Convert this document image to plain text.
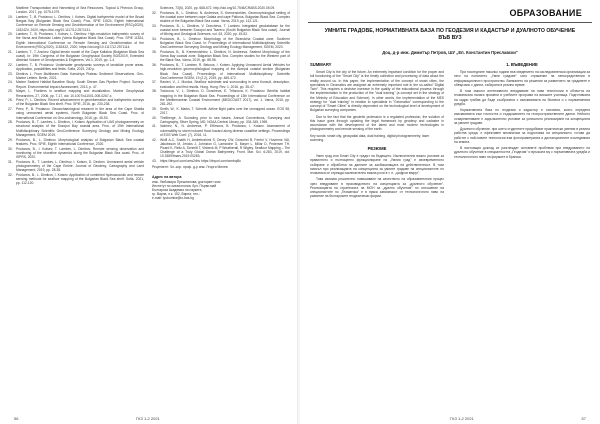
Maritime Transportation and Harvesting of Sea Resources. Topical & Pherous Group, London, 2017, pp. 1075-1079.
19. Lambev, T., B. Prodanov, L. Dimitrov, I. Kotsev. Digital bathymetric model of the Broad Bargas Bay (Bulgarian Black Sea Coast). Proc. SPIE 11524, Eighth International Conference on Remote Sensing and Geoinformation of the Environment (RSCy2020), 115242V, 2020, https://doi.org/10.1117/12.2571131.
20. Lambev, T., B. Prodanov, I. Kotsev, L. Dimitrov. High-resolution bathymetric survey of the Varna and Beloslav Lakes (Varna Bulgarian Black Sea Coast). Proc. SPIE 11524, Eighth International Conference on Remote Sensing and Geoinformation of the Environment (RSCy2020), 115242Z, 2020, https://doi.org/10.1117/12.2571114.
21. Lambev, T., T. Anchev. Digital terrain model of the Cape Kaliakra (Bulgarian Black Sea coast). In: 19th Congress of the Bulgarian Geophysical Society BGS2019, Extended Abstract Volume of Geodynamics & Engineers, Vol.1, 2019, pp. 1-4.
22. Lambev, T., B. Prodanov. Underwater geodynamic surveys of landslide prone areas. Application, possibilities and limits. Sofia, 2019, 240 p.
23. Dimitrov L. From Multibeam Data: Kamchiya Plateau Sediment Observations. Geo-Marine Letters. Berlin, 2021.
24. Marine Seabed Habitat Baseline Study. South Stream Gas Pipeline Project. Surveys Report. Environmental Impact Assessment, 2013, p. 47.
25. Mayer, L. Frontiers in seafloor mapping and visualization. Marine Geophysical Researches, 27, 2006, pp. 7-17, doi: 10.1007/s11001-005-0267-x.
26. Peev, P., L. Dimitrov. Recent advancement in geoinformation and bathymetric surveys of the Bulgarian Black Sea shelf. Proc. SPIE, 2016, pp. 230-238.
27. Peev, P., B. Prodanov. Geoarchaeological research in the area of the Cape Shabla using unmanned aerial systems, North Bulgarian Black Sea Coast. Proc. of International Conference on Geo-archaeology, 2016, pp. 45-53.
28. Prodanov, B., T. Lambev, L. Dimitrov, I. Kotsev. Application of UAS photogrammetry on structural analysis of the Sozopol Bay coastal area. Proc. of 19th International Multidisciplinary Scientific GeoConference Surveying Geology and Mining Ecology Management, SGEM 2019.
29. Prodanov, B., L. Dimitrov. Morphological analysis of Bulgarian Black Sea coastal features. Proc. SPIE, Eighth International Conference, 2020.
30. Prodanov, B., I. Kotsev, T. Lambev, L. Dimitrov. Remote sensing observation and monitoring of the shoreline dynamics along the Bulgarian Black Sea coast. Proc. of ISPRS, 2020.
31. Prodanov, B., T. Lambev, L. Dimitrov, I. Kotsev, D. Dechev. Unmanned aerial vehicle photogrammetry of the Cape Emine. Journal of Geodesy, Cartography and Land Management, 2019, pp. 28-35.
32. Prodanov, B., L. Dimitrov, I. Kotsev. Application of combined hydroacoustic and remote sensing methods for seafloor mapping of the Bulgarian Black Sea shelf. Sofia, 2021, pp. 112-120.
Sciences, 73(5), 2020, pp. 668-672, http://doi.org/10.7546/CRABS.2020.05.09.
32. Prodanov, B., L. Dimitrov, N. Andreeva, S. Kremendzhiev. Geomorphological setting of the coastal zone between cape Galata and cape Paliurus, Bulgarian Black Sea. Complex studies of the Bulgarian Black Sea coast. Varna, 2019, pp. 112-121.
33. Prodanov, B., L. Dimitrov, V. Doncheva, T. Lambev. Integrated geodatabase for the coastal zone between Sozopol and Tsarevo (South Bulgarian Black Sea coast). Journal of Mining and Geological Sciences, vol. 63, 2020, pp. 45-52.
34. Prodanov, B., L. Dimitrov. Morphology of the Strandzha Coastal zone, Southern Bulgarian Black Sea Coast. In: Proceedings of International Multidisciplinary Scientific GeoConference Surveying Geology and Mining Ecology Management, SGEM, 2020.
35. Prodanov, B., B. Kremendzhiev, L. Dimitrov, N. Andreeva. Seabed Morphology of the Varna Bay coastal zone. Bulgarian Black Sea. Complex studies for the Western part of the Black Sea, Varna, 2019, pp. 85-96.
36. Prodanov, B., T. Lambev, R. Bekova, I. Kotsev. Applying Unmanned Aerial Vehicles for high-resolution geomorphological mapping of the Akrepol coastal section (Bulgarian Black Sea Coast). Proceedings of International Multidisciplinary Scientific GeoConference SGEM, 19 (2.2), 2019, pp. 465-472.
37. Ranieri, V., J. Monica. Seafloor substrate and surrounding in area Konsult, description, evaluation and first results. Hung. Hung. Rev. 1, 2016, pp. 35-47.
38. Todorova, V., L. Dimitrov, D. Doncheva, E. Trifonova, K. Prodanov. Benthic habitat mapping in the Bulgarian Black Sea. Proceedings of 13th International Conference on the Mediterranean Coastal Environment (MEDCOAST 2017), vol. 1, Varna, 2015, pp. 281-292.
39. Smith, W., K. Marks, T. Schmitt. Airline flight paths over the unmapped ocean. EOS 98, 2017.
40. Thellberge, A. Sounding prior to sea bases, Annual Conventions, Surveying and Cartography, Silver Spring, MD, NOAA Central Library, pp. 334-345, 1969.
41. Valchev, N., N. Andreeva, P. Eftimova, B. Prodanov, I. Kotsev. Assessment of vulnerability to storm induced flood hazard along diverse coastline settings. Proceedings of EGS Web Conf. (7), 2016, 11.
42. Wolfl A-C, Snaith H, Amirebrahimi S, Devey CW, Dorschel B, Ferrini V, Huvenne VAI, Jakobsson M, Jencks J, Johnston G, Lamarche G, Mayer L, Millar D, Pedersen TH, Picard K, Reitz A, Schmitt T, Visbeck M, P Weatherall, R Wigley. Seafloor Mapping – The Challenge of a Truly Global Ocean Bathymetry. Front. Mar. Sci. 6:283, 2019, doi: 10.3389/fmars.2019.00283.
43. https://tinyurl.com/ums2dhv https://tinyurl.com/wmbqt5c
Рецензент: Чл.-кор. проф. д-р инж. Георги Милев
Адрес на автора
инж. Любомира Прешлянова, докторант към
Институт по океанология, бул. Първи май
Българска Академия на науките,
гр. Варна, п.к. 152, Варна, тел.:
e-mail: lyubomira@io-bas.bg
56	ГКЗ 1-2 2021
ОБРАЗОВАНИЕ
УМНИТЕ ГРАДОВЕ, НОРМАТИВНАТА БАЗА ПО ГЕОДЕЗИЯ И КАДАСТЪР И ДУАЛНОТО ОБУЧЕНИЕ ВЪВ ВУЗ
Доц. д-р инж. Димитър Петров, ШУ „Еп. Константин Преславски"
SUMMARY
Smart City is the city of the future. An extremely important condition for the proper and full functioning of the "Smart City" is the timely collection and processing of data about the reality around us. In this paper, the implementation of the concept of smart cities, the specialists in Geomatics are assigned an extremely important role in the so-called "Digital Twin". This requires a decisive increase in the quality of the educational process through the implementation in the production of the "dual training" (a concept set in the strategy of the Ministry of Education and Science). In other words, the implementation of the MES strategy for "dual training" in relation to specialists in "Geomatics" corresponding to the concept of "Smart Cities" is directly dependent on the technological level of development of Bulgarian surveying companies.
Due to the fact that the geodetic profession is a regulated profession, the solution of this issue goes through updating the legal framework by geodesy and cadastre in accordance with the development of the latest and most modern technologies in photogrammetry and remote sensing of the earth.
Key words: smart city, geospatial data, dual training, digital photogrammetry, laser scanning.
РЕЗЮМЕ
Умен град или Smart City е градът на бъдещето. Изключително важно условие за правилното и пълноценно функциониране на „Умния град" е своевременното събиране и обработка на данните за заобикалящата ни действителност. В този смисъл при реализацията на концепцията за умните градове на специалистите по геоматика се отрежда изключително важна роля в т. н. „цифров юмруг".
Това изисква решително повишаване на качеството на образователния процес чрез внедряване в производството на концепцията за „дуалното обучение". Реализацията на стратегията на МОН за „дуално обучение" по отношение на специалистите по „Геоматика" е в пряка зависимост от технологичното ниво на развитие на българските геодезически фирми.
1. ВЪВЕДЕНИЕ
При последните няколко години във сведението на изследователски организации за него на понятието „Умни градове" като отражение на непосредствения в информационното пространство. Вземането на решения за развитието на градовете е обвързано с данни, събирани в реално време.
В този смисъл интензивното внедряване на нови технологии в областта на геоматиката налага промени в учебните програми на висшите училища. Подготовката на кадри трябва да бъде съобразена с изискванията на бизнеса и с нормативната уредба.
Нормативната база по геодезия и кадастър е основата, която определя изискванията към точността и съдържанието на геопространствените данни. Нейното осъвременяване е задължително условие за успешното реализиране на концепцията за умните градове.
Дуалното обучение, при което студентите придобиват практически умения в реална работна среда, е ефективен механизъм за подготовка на специалисти, готови да работят с най-новите технологии във фотограметрията и дистанционните изследвания на земята.
В настоящия доклад се разглеждат основните проблеми при внедряването на дуалното обучение в специалността „Геодезия" и връзката му с нормативната уредба и технологичното ниво на фирмите в бранша.
ГКЗ 1-2 2021	57
